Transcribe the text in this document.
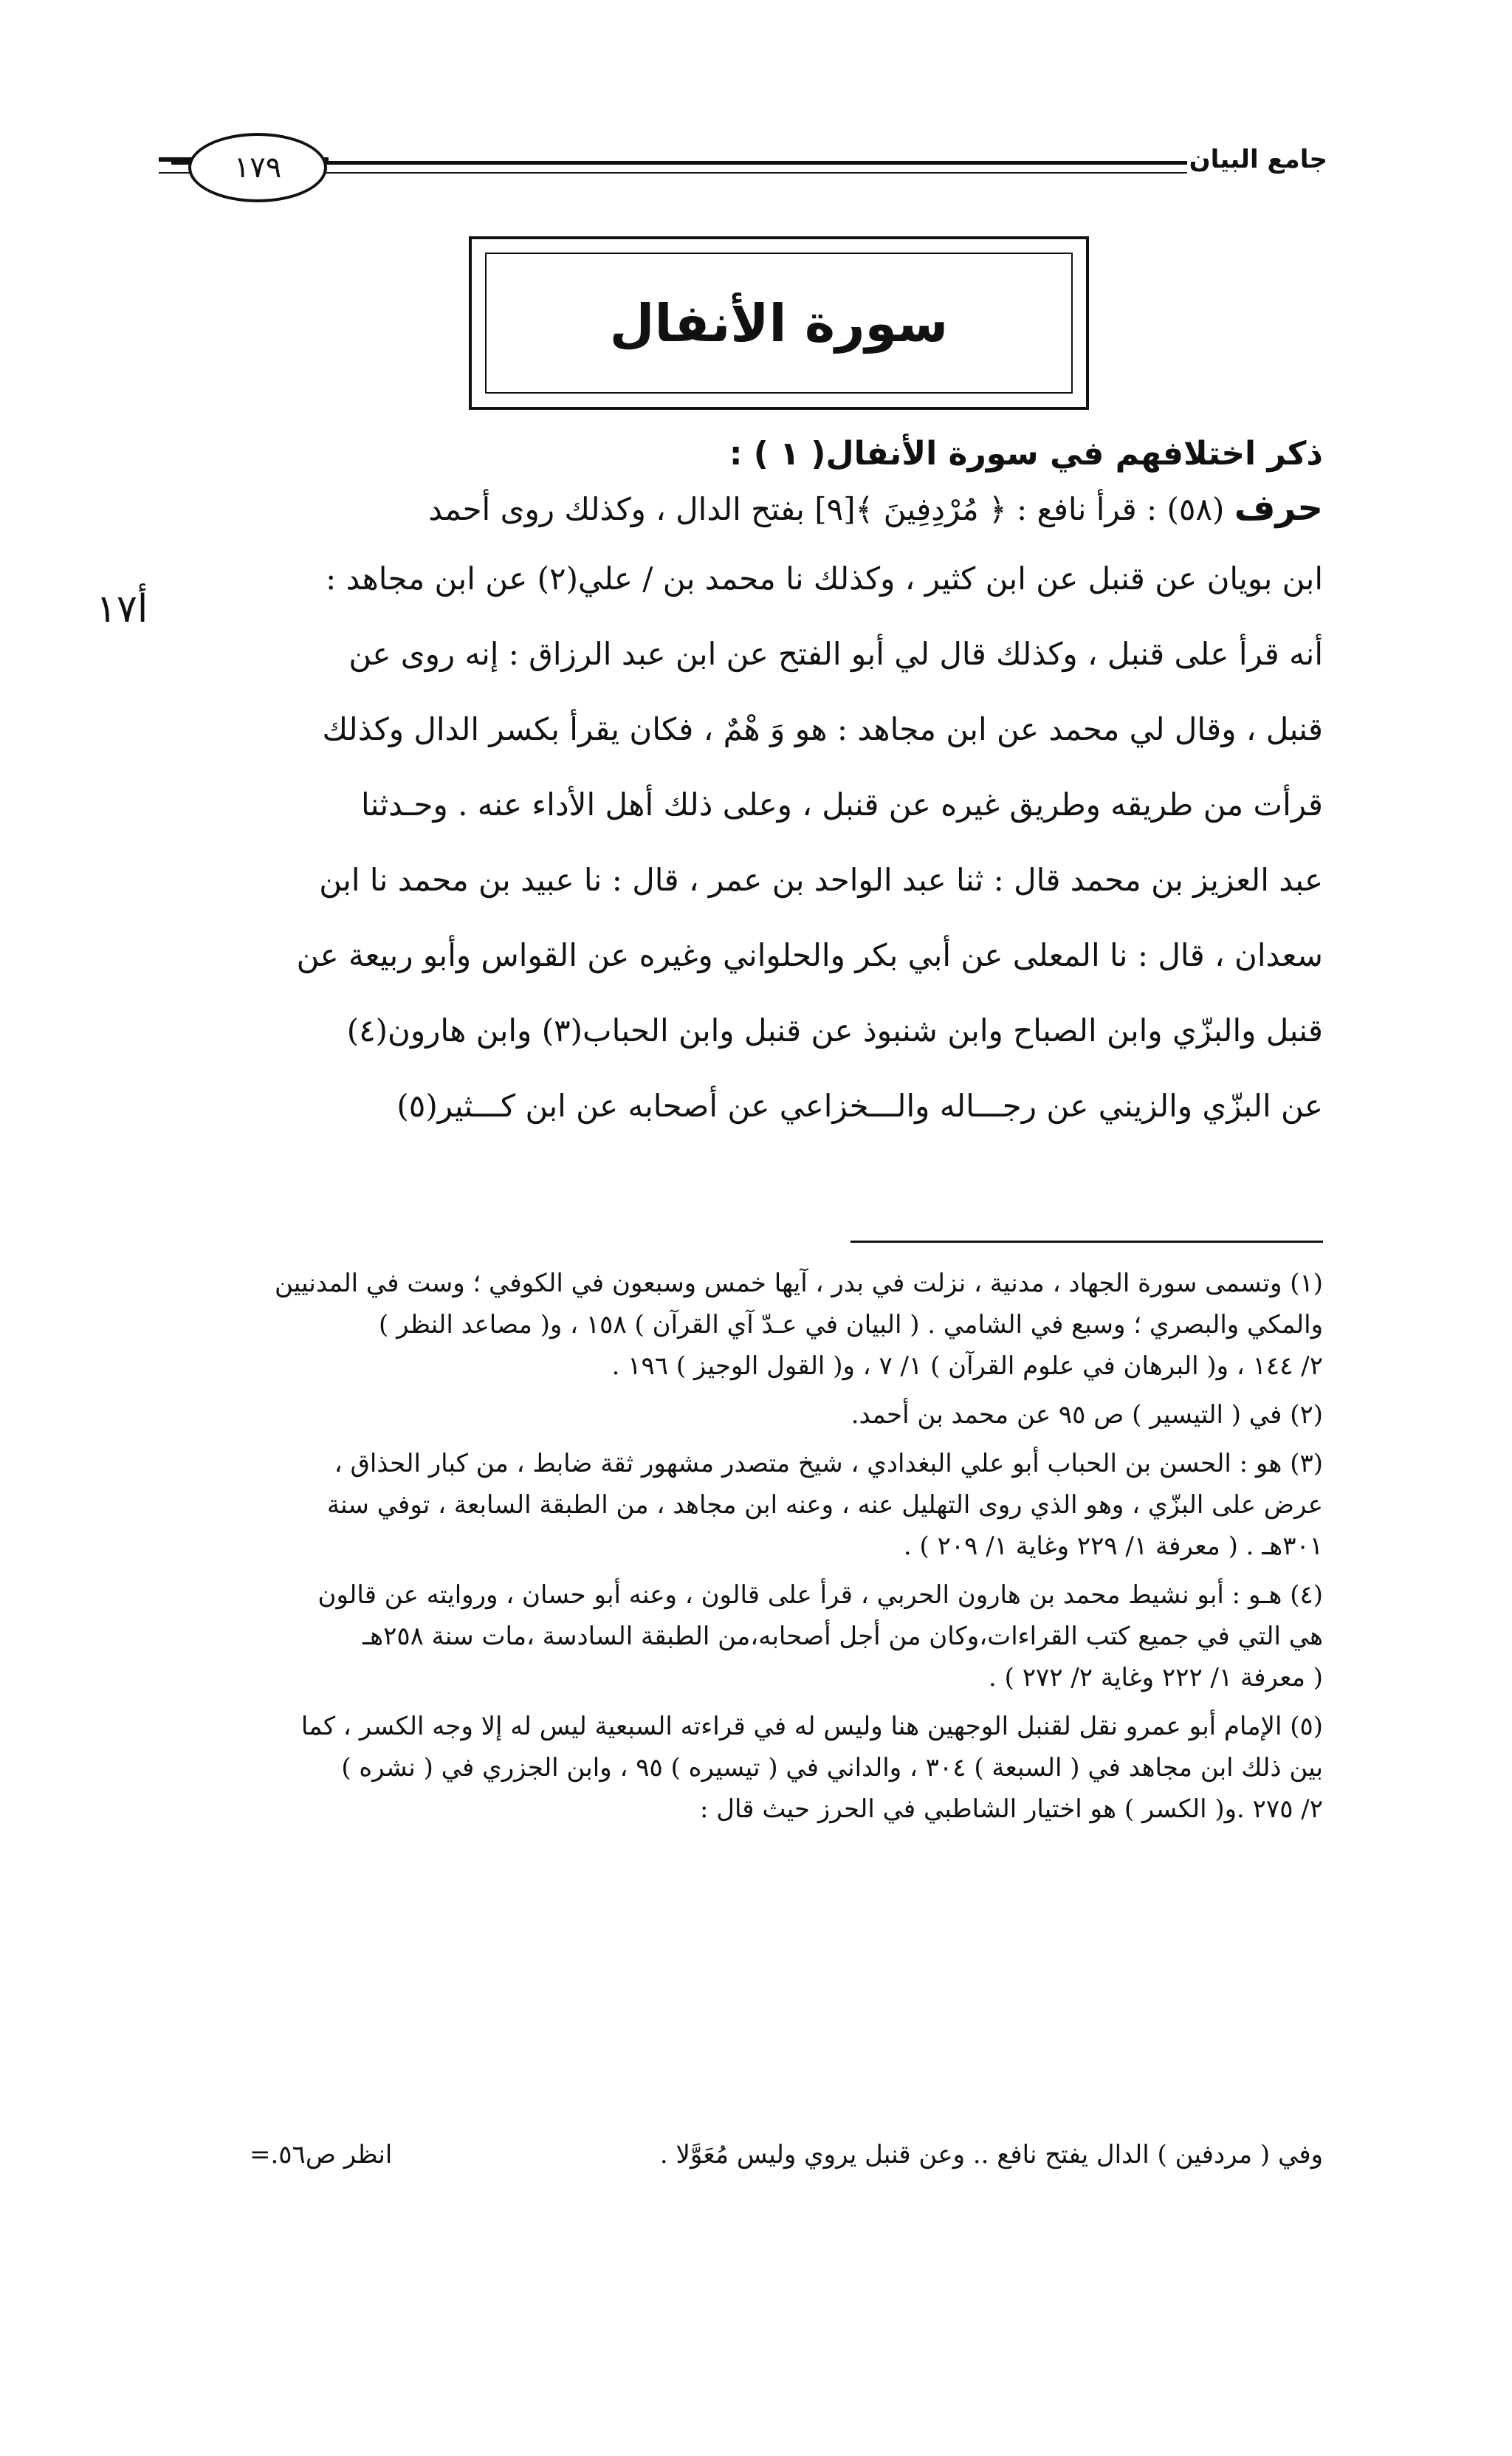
جامع البيان
١٧٩
سورة الأنفال
أ١٧

ذكر اختلافهم في سورة الأنفال( ١ ) :

حرف (٥٨) : قرأ نافع : ﴿ مُرْدِفِينَ ﴾[٩] بفتح الدال ، وكذلك روى أحمد

ابن بويان عن قنبل عن ابن كثير ، وكذلك نا محمد بن / علي(٢) عن ابن مجاهد :

أنه قرأ على قنبل ، وكذلك قال لي أبو الفتح عن ابن عبد الرزاق : إنه روى عن

قنبل ، وقال لي محمد عن ابن مجاهد : هو وَ هْمٌ ، فكان يقرأ بكسر الدال وكذلك

قرأت من طريقه وطريق غيره عن قنبل ، وعلى ذلك أهل الأداء عنه . وحـدثنا

عبد العزيز بن محمد قال : ثنا عبد الواحد بن عمر ، قال : نا عبيد بن محمد نا ابن

سعدان ، قال : نا المعلى عن أبي بكر والحلواني وغيره عن القواس وأبو ربيعة عن

قنبل والبزّي وابن الصباح وابن شنبوذ عن قنبل وابن الحباب(٣) وابن هارون(٤)

عن البزّي والزيني عن رجـــاله والـــخزاعي عن أصحابه عن ابن كـــثير(٥)

(١) وتسمى سورة الجهاد ، مدنية ، نزلت في بدر ، آيها خمس وسبعون في الكوفي ؛ وست في المدنيين

والمكي والبصري ؛ وسبع في الشامي . ( البيان في عـدّ آي القرآن ) ١٥٨ ، و( مصاعد النظر )

٢/ ١٤٤ ، و( البرهان في علوم القرآن ) ١/ ٧ ، و( القول الوجيز ) ١٩٦ .

(٢) في ( التيسير ) ص ٩٥ عن محمد بن أحمد.

(٣) هو : الحسن بن الحباب أبو علي البغدادي ، شيخ متصدر مشهور ثقة ضابط ، من كبار الحذاق ،

عرض على البزّي ، وهو الذي روى التهليل عنه ، وعنه ابن مجاهد ، من الطبقة السابعة ، توفي سنة

٣٠١هـ . ( معرفة ١/ ٢٢٩ وغاية ١/ ٢٠٩ ) .

(٤) هـو : أبو نشيط محمد بن هارون الحربي ، قرأ على قالون ، وعنه أبو حسان ، وروايته عن قالون

هي التي في جميع كتب القراءات،وكان من أجل أصحابه،من الطبقة السادسة ،مات سنة ٢٥٨هـ

( معرفة ١/ ٢٢٢ وغاية ٢/ ٢٧٢ ) .

(٥) الإمام أبو عمرو نقل لقنبل الوجهين هنا وليس له في قراءته السبعية ليس له إلا وجه الكسر ، كما

بين ذلك ابن مجاهد في ( السبعة ) ٣٠٤ ، والداني في ( تيسيره ) ٩٥ ، وابن الجزري في ( نشره )

٢/ ٢٧٥ .و( الكسر ) هو اختيار الشاطبي في الحرز حيث قال :

وفي ( مردفين ) الدال يفتح نافع .. وعن قنبل يروي وليس مُعَوَّلا .
انظر ص٥٦.=
